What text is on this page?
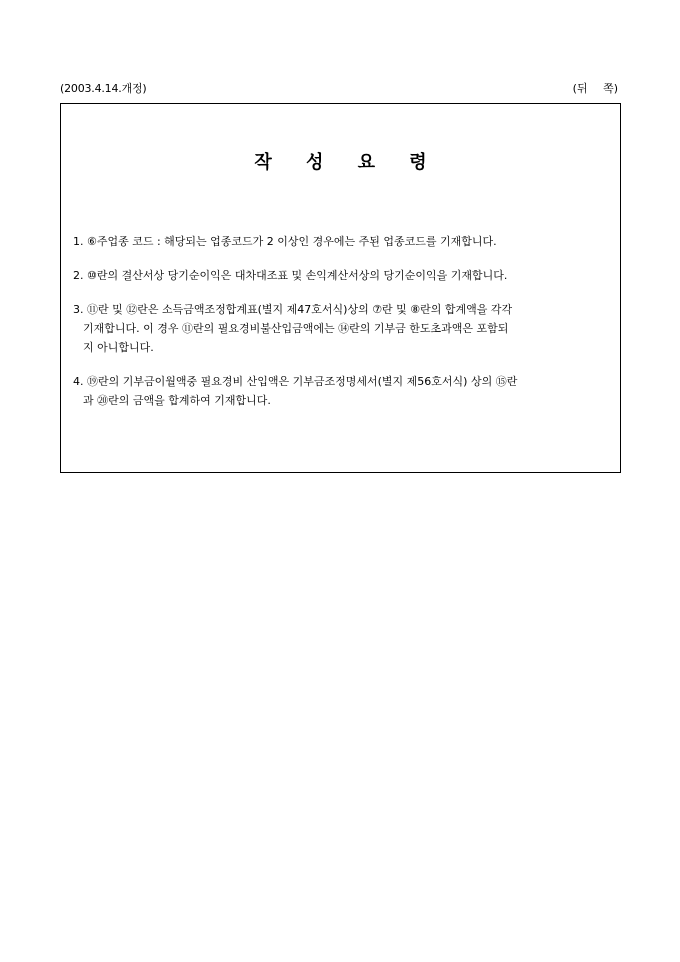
(2003.4.14.개정)	(뒤 쪽)
작 성 요 령
1. ⑥주업종 코드 : 해당되는 업종코드가 2 이상인 경우에는 주된 업종코드를 기재합니다.
2. ⑩란의 결산서상 당기순이익은 대차대조표 및 손익계산서상의 당기순이익을 기재합니다.
3. ⑪란 및 ⑫란은 소득금액조정합계표(별지 제47호서식)상의 ⑦란 및 ⑧란의 합계액을 각각
기재합니다. 이 경우 ⑪란의 필요경비불산입금액에는 ⑭란의 기부금 한도초과액은 포함되
지 아니합니다.
4. ⑲란의 기부금이월액중 필요경비 산입액은 기부금조정명세서(별지 제56호서식) 상의 ⑮란
과 ⑳란의 금액을 합계하여 기재합니다.
